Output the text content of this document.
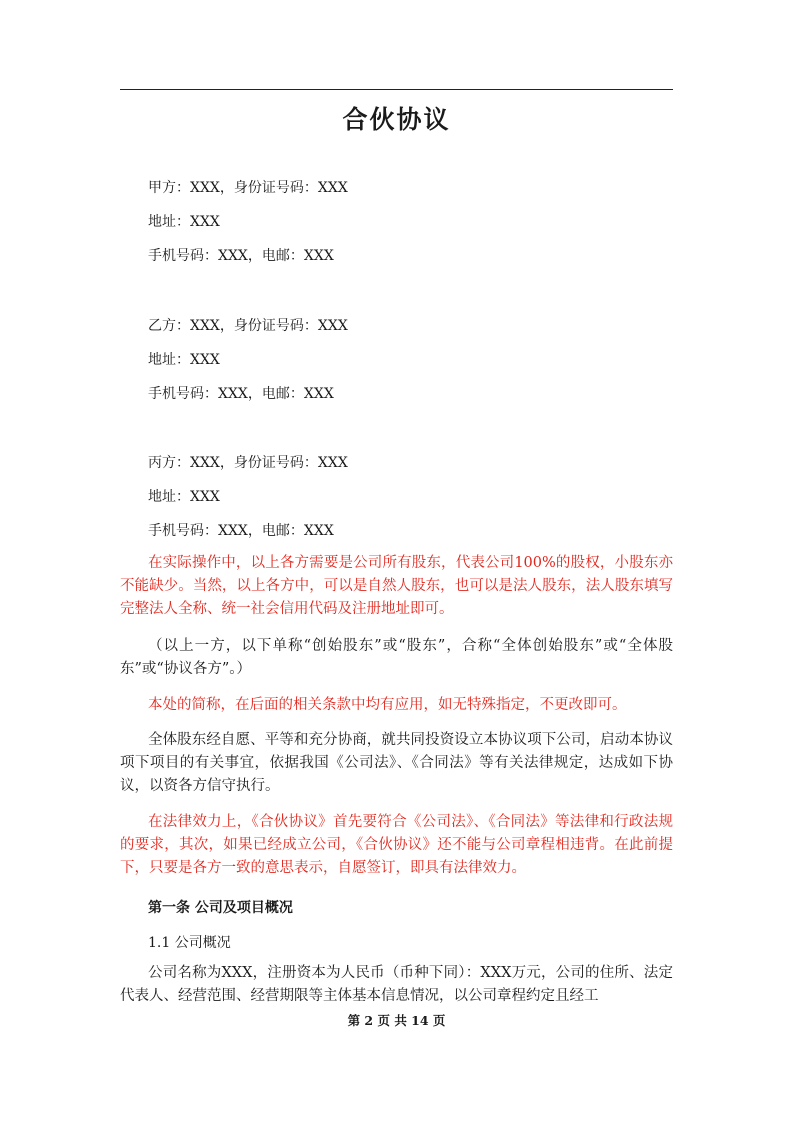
合伙协议
甲方：XXX，身份证号码：XXX
地址：XXX
手机号码：XXX，电邮：XXX
乙方：XXX，身份证号码：XXX
地址：XXX
手机号码：XXX，电邮：XXX
丙方：XXX，身份证号码：XXX
地址：XXX
手机号码：XXX，电邮：XXX
在实际操作中，以上各方需要是公司所有股东，代表公司100%的股权，小股东亦不能缺少。当然，以上各方中，可以是自然人股东，也可以是法人股东，法人股东填写完整法人全称、统一社会信用代码及注册地址即可。
（以上一方，以下单称“创始股东”或“股东”，合称“全体创始股东”或“全体股东”或“协议各方”。）
本处的简称，在后面的相关条款中均有应用，如无特殊指定，不更改即可。
全体股东经自愿、平等和充分协商，就共同投资设立本协议项下公司，启动本协议项下项目的有关事宜，依据我国《公司法》、《合同法》等有关法律规定，达成如下协议，以资各方信守执行。
在法律效力上，《合伙协议》首先要符合《公司法》、《合同法》等法律和行政法规的要求，其次，如果已经成立公司，《合伙协议》还不能与公司章程相违背。在此前提下，只要是各方一致的意思表示，自愿签订，即具有法律效力。
第一条 公司及项目概况
1.1 公司概况
公司名称为XXX，注册资本为人民币（币种下同）：XXX万元，公司的住所、法定代表人、经营范围、经营期限等主体基本信息情况，以公司章程约定且经工
第 2 页 共 14 页
